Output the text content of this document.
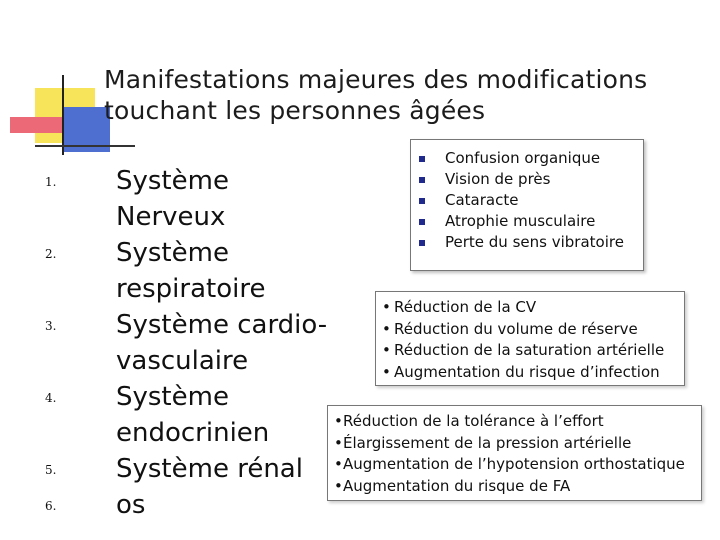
Manifestations majeures des modifications touchant les personnes âgées
1. Système Nerveux
2. Système respiratoire
3. Système cardio-vasculaire
4. Système endocrinien
5. Système rénal
6. os
Confusion organique
Vision de près
Cataracte
Atrophie musculaire
Perte du sens vibratoire
• Réduction de la CV
• Réduction du volume de réserve
• Réduction de la saturation artérielle
• Augmentation du risque d’infection
• Réduction de la tolérance à l’effort
• Élargissement de la pression artérielle
• Augmentation de l’hypotension orthostatique
• Augmentation du risque de FA
